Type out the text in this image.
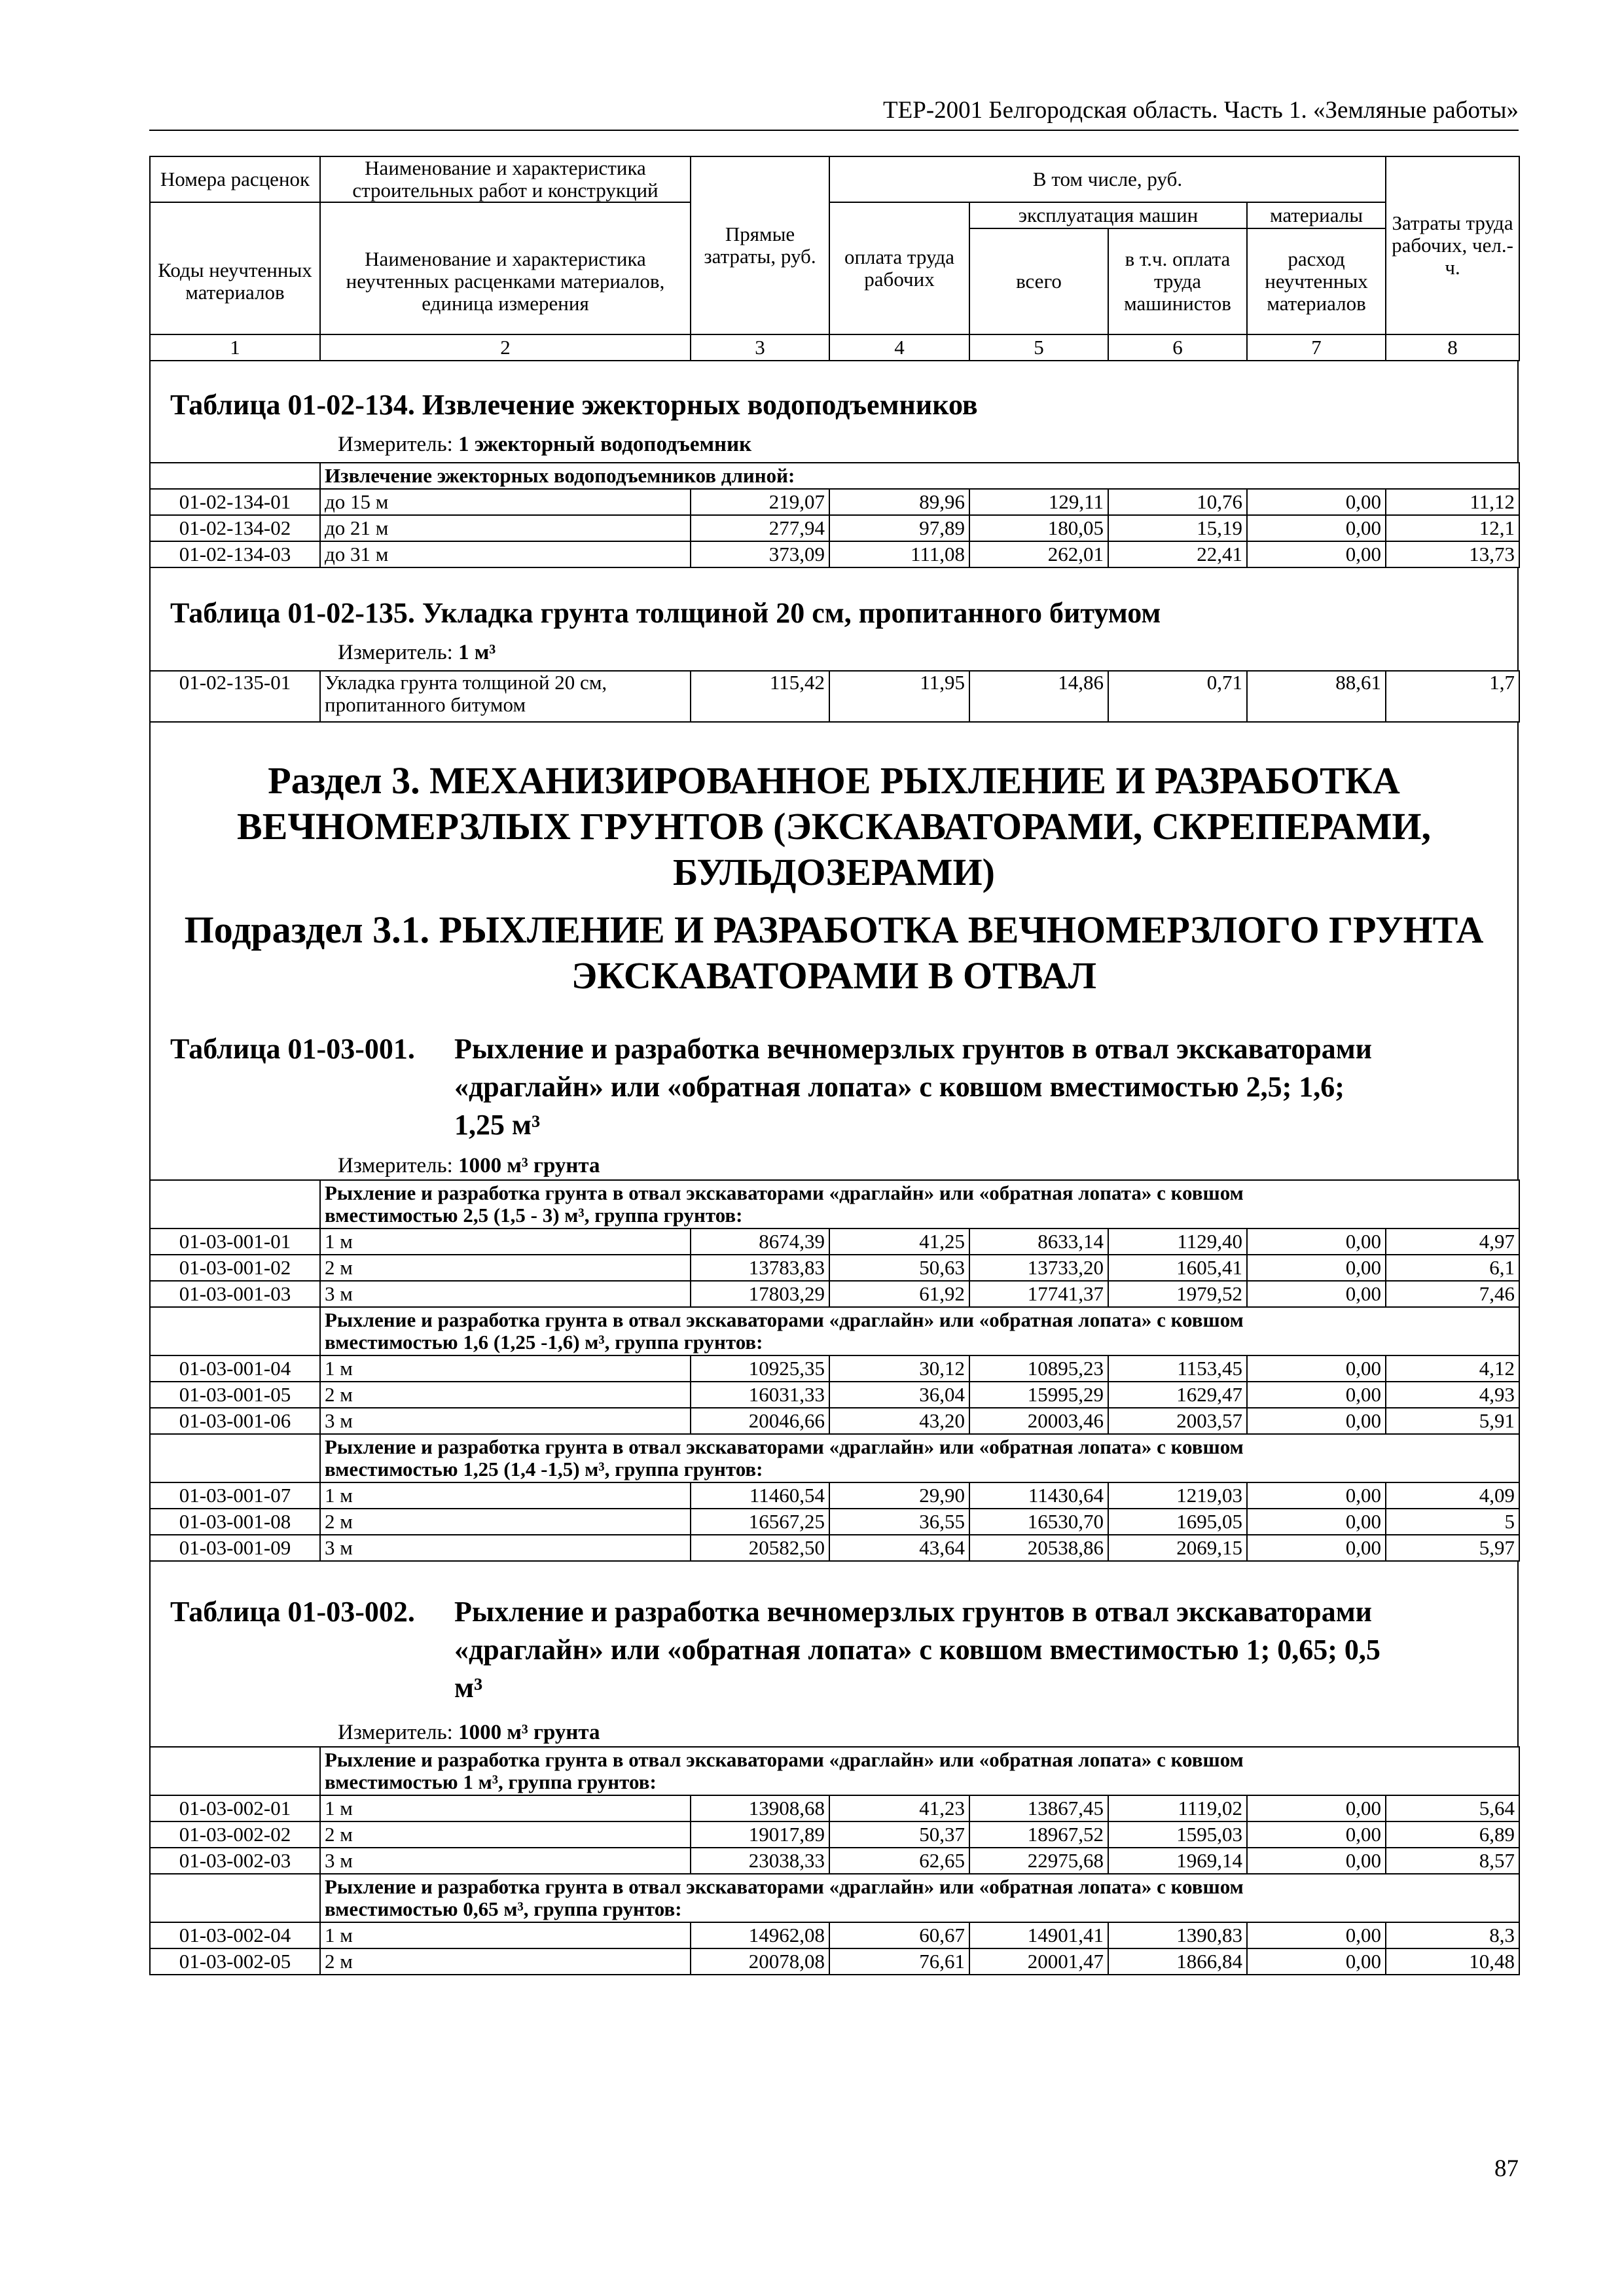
ТЕР-2001 Белгородская область. Часть 1. «Земляные работы»
Номера расценок	Наименование и характеристика строительных работ и конструкций	Прямые затраты, руб.	В том числе, руб.				Затраты труда рабочих, чел.-ч.
			оплата труда рабочих	эксплуатация машин		материалы	
Коды неучтенных материалов	Наименование и характеристика неучтенных расценками материалов, единица измерения			всего	в т.ч. оплата труда машинистов	расход неучтенных материалов	
1	2	3	4	5	6	7	8
Таблица 01-02-134. Извлечение эжекторных водоподъемников
Измеритель: 1 эжекторный водоподъемник
	Извлечение эжекторных водоподъемников длиной:						
01-02-134-01	до 15 м	219,07	89,96	129,11	10,76	0,00	11,12
01-02-134-02	до 21 м	277,94	97,89	180,05	15,19	0,00	12,1
01-02-134-03	до 31 м	373,09	111,08	262,01	22,41	0,00	13,73
Таблица 01-02-135. Укладка грунта толщиной 20 см, пропитанного битумом
Измеритель: 1 м³
01-02-135-01	Укладка грунта толщиной 20 см,
пропитанного битумом	115,42	11,95	14,86	0,71	88,61	1,7
Раздел 3. МЕХАНИЗИРОВАННОЕ РЫХЛЕНИЕ И РАЗРАБОТКА
ВЕЧНОМЕРЗЛЫХ ГРУНТОВ (ЭКСКАВАТОРАМИ, СКРЕПЕРАМИ,
БУЛЬДОЗЕРАМИ)
Подраздел 3.1. РЫХЛЕНИЕ И РАЗРАБОТКА ВЕЧНОМЕРЗЛОГО ГРУНТА
ЭКСКАВАТОРАМИ В ОТВАЛ
Таблица 01-03-001. Рыхление и разработка вечномерзлых грунтов в отвал экскаваторами
«драглайн» или «обратная лопата» с ковшом вместимостью 2,5; 1,6;
1,25 м³
Измеритель: 1000 м³ грунта

	Рыхление и разработка грунта в отвал экскаваторами «драглайн» или «обратная лопата» с ковшом
вместимостью 2,5 (1,5 - 3) м³, группа грунтов:						

01-03-001-01	1 м	8674,39	41,25	8633,14	1129,40	0,00	4,97
01-03-001-02	2 м	13783,83	50,63	13733,20	1605,41	0,00	6,1
01-03-001-03	3 м	17803,29	61,92	17741,37	1979,52	0,00	7,46

	Рыхление и разработка грунта в отвал экскаваторами «драглайн» или «обратная лопата» с ковшом
вместимостью 1,6 (1,25 -1,6) м³, группа грунтов:						

01-03-001-04	1 м	10925,35	30,12	10895,23	1153,45	0,00	4,12
01-03-001-05	2 м	16031,33	36,04	15995,29	1629,47	0,00	4,93
01-03-001-06	3 м	20046,66	43,20	20003,46	2003,57	0,00	5,91

	Рыхление и разработка грунта в отвал экскаваторами «драглайн» или «обратная лопата» с ковшом
вместимостью 1,25 (1,4 -1,5) м³, группа грунтов:						

01-03-001-07	1 м	11460,54	29,90	11430,64	1219,03	0,00	4,09
01-03-001-08	2 м	16567,25	36,55	16530,70	1695,05	0,00	5
01-03-001-09	3 м	20582,50	43,64	20538,86	2069,15	0,00	5,97
Таблица 01-03-002. Рыхление и разработка вечномерзлых грунтов в отвал экскаваторами
«драглайн» или «обратная лопата» с ковшом вместимостью 1; 0,65; 0,5
м³
Измеритель: 1000 м³ грунта

	Рыхление и разработка грунта в отвал экскаваторами «драглайн» или «обратная лопата» с ковшом
вместимостью 1 м³, группа грунтов:						

01-03-002-01	1 м	13908,68	41,23	13867,45	1119,02	0,00	5,64
01-03-002-02	2 м	19017,89	50,37	18967,52	1595,03	0,00	6,89
01-03-002-03	3 м	23038,33	62,65	22975,68	1969,14	0,00	8,57

	Рыхление и разработка грунта в отвал экскаваторами «драглайн» или «обратная лопата» с ковшом
вместимостью 0,65 м³, группа грунтов:						

01-03-002-04	1 м	14962,08	60,67	14901,41	1390,83	0,00	8,3
01-03-002-05	2 м	20078,08	76,61	20001,47	1866,84	0,00	10,48
87
